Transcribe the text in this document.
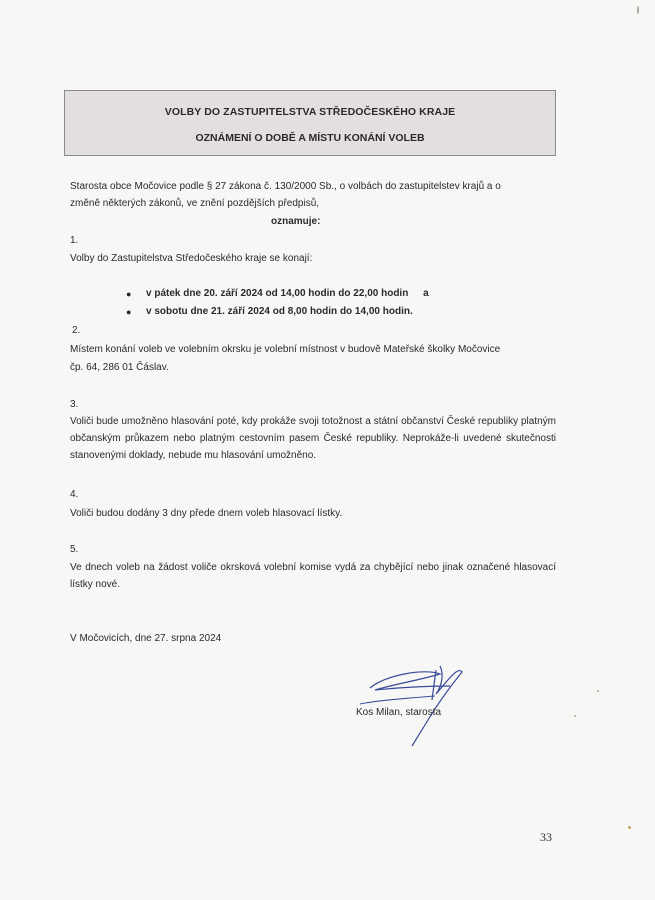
VOLBY DO ZASTUPITELSTVA STŘEDOČESKÉHO KRAJE
OZNÁMENÍ O DOBĚ A MÍSTU KONÁNÍ VOLEB
Starosta obce Močovice podle § 27 zákona č. 130/2000 Sb., o volbách do zastupitelstev krajů a o
změně některých zákonů, ve znění pozdějších předpisů,
oznamuje:
1.
Volby do Zastupitelstva Středočeského kraje se konají:
● v pátek dne 20. září 2024 od 14,00 hodin do 22,00 hodin a
● v sobotu dne 21. září 2024 od 8,00 hodin do 14,00 hodin.
2.
Místem konání voleb ve volebním okrsku je volební místnost v budově Mateřské školky Močovice
čp. 64, 286 01 Čáslav.
3.
Voliči bude umožněno hlasování poté, kdy prokáže svoji totožnost a státní občanství České republiky platným občanským průkazem nebo platným cestovním pasem České republiky. Neprokáže-li uvedené skutečnosti stanovenými doklady, nebude mu hlasování umožněno.
4.
Voliči budou dodány 3 dny přede dnem voleb hlasovací lístky.
5.
Ve dnech voleb na žádost voliče okrsková volební komise vydá za chybějící nebo jinak označené hlasovací lístky nové.
V Močovicích, dne 27. srpna 2024
Kos Milan, starosta
33
